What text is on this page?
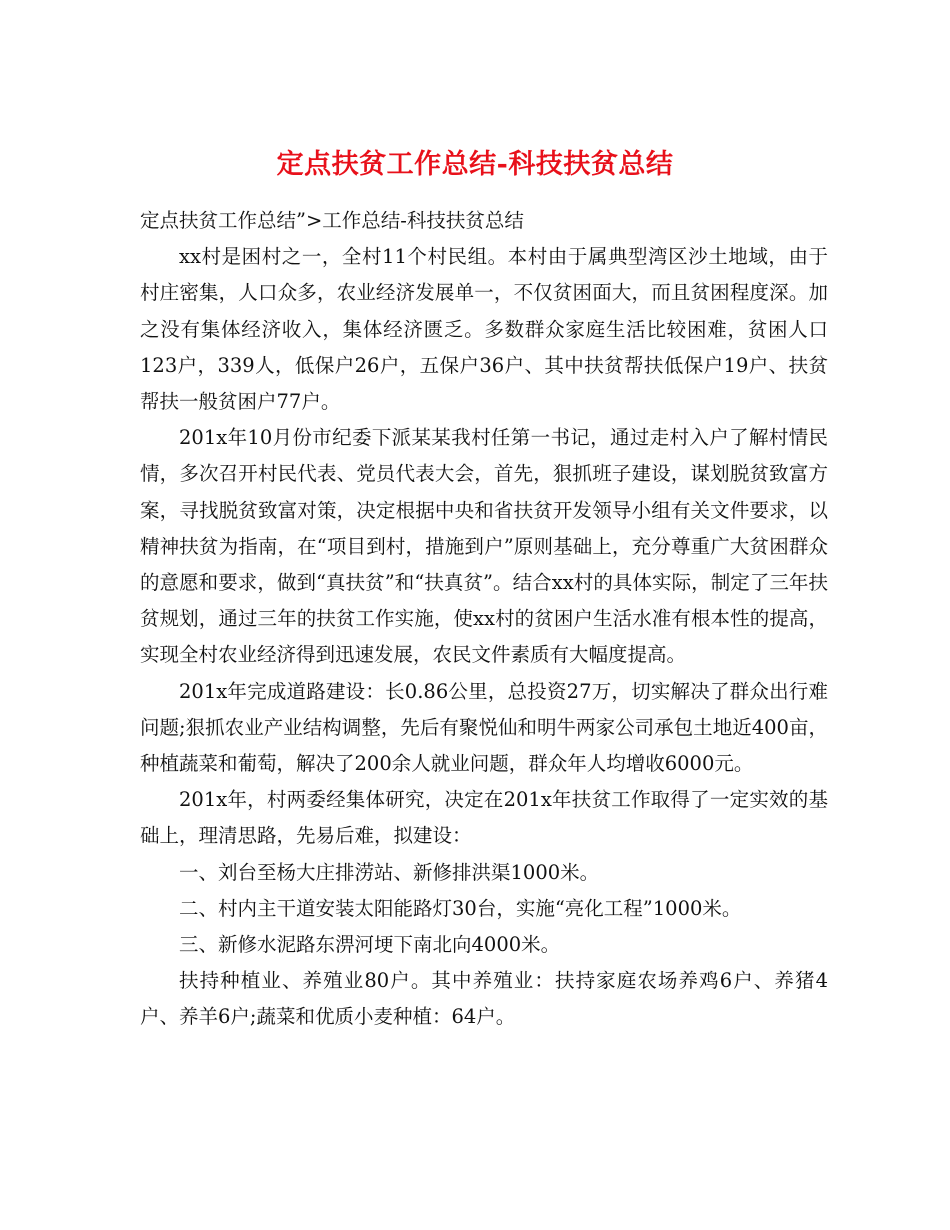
定点扶贫工作总结-科技扶贫总结

定点扶贫工作总结”>工作总结-科技扶贫总结

xx村是困村之一，全村11个村民组。本村由于属典型湾区沙土地域，由于村庄密集，人口众多，农业经济发展单一，不仅贫困面大，而且贫困程度深。加之没有集体经济收入，集体经济匮乏。多数群众家庭生活比较困难，贫困人口123户，339人，低保户26户，五保户36户、其中扶贫帮扶低保户19户、扶贫帮扶一般贫困户77户。

201x年10月份市纪委下派某某我村任第一书记，通过走村入户了解村情民情，多次召开村民代表、党员代表大会，首先，狠抓班子建设，谋划脱贫致富方案，寻找脱贫致富对策，决定根据中央和省扶贫开发领导小组有关文件要求，以精神扶贫为指南，在“项目到村，措施到户”原则基础上，充分尊重广大贫困群众的意愿和要求，做到“真扶贫”和“扶真贫”。结合xx村的具体实际，制定了三年扶贫规划，通过三年的扶贫工作实施，使xx村的贫困户生活水准有根本性的提高，实现全村农业经济得到迅速发展，农民文件素质有大幅度提高。

201x年完成道路建设：长0.86公里，总投资27万，切实解决了群众出行难问题;狠抓农业产业结构调整，先后有聚悦仙和明牛两家公司承包土地近400亩，种植蔬菜和葡萄，解决了200余人就业问题，群众年人均增收6000元。

201x年，村两委经集体研究，决定在201x年扶贫工作取得了一定实效的基础上，理清思路，先易后难，拟建设：

一、刘台至杨大庄排涝站、新修排洪渠1000米。

二、村内主干道安装太阳能路灯30台，实施“亮化工程”1000米。

三、新修水泥路东淠河埂下南北向4000米。

扶持种植业、养殖业80户。其中养殖业：扶持家庭农场养鸡6户、养猪4户、养羊6户;蔬菜和优质小麦种植：64户。
